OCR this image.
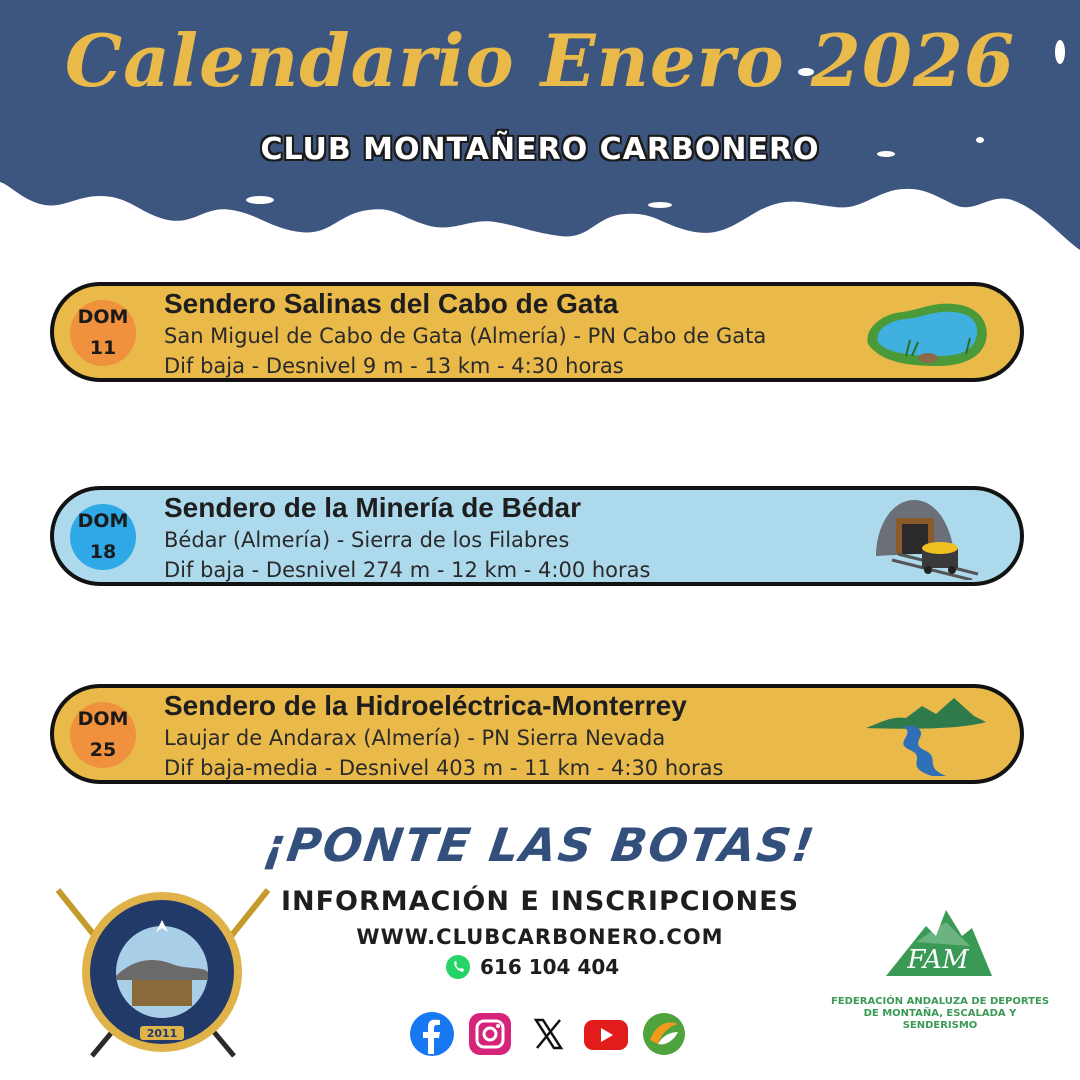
Calendario Enero 2026
CLUB MONTAÑERO CARBONERO
DOM
11
Sendero Salinas del Cabo de Gata
San Miguel de Cabo de Gata (Almería) - PN Cabo de Gata
Dif baja - Desnivel 9 m - 13 km - 4:30 horas
DOM
18
Sendero de la Minería de Bédar
Bédar (Almería) - Sierra de los Filabres
Dif baja - Desnivel 274 m - 12 km - 4:00 horas
DOM
25
Sendero de la Hidroeléctrica-Monterrey
Laujar de Andarax (Almería) - PN Sierra Nevada
Dif baja-media - Desnivel 403 m - 11 km - 4:30 horas
¡PONTE LAS BOTAS!
INFORMACIÓN E INSCRIPCIONES
WWW.CLUBCARBONERO.COM
616 104 404
2011
FAM
FEDERACIÓN ANDALUZA DE DEPORTES
DE MONTAÑA, ESCALADA Y SENDERISMO
